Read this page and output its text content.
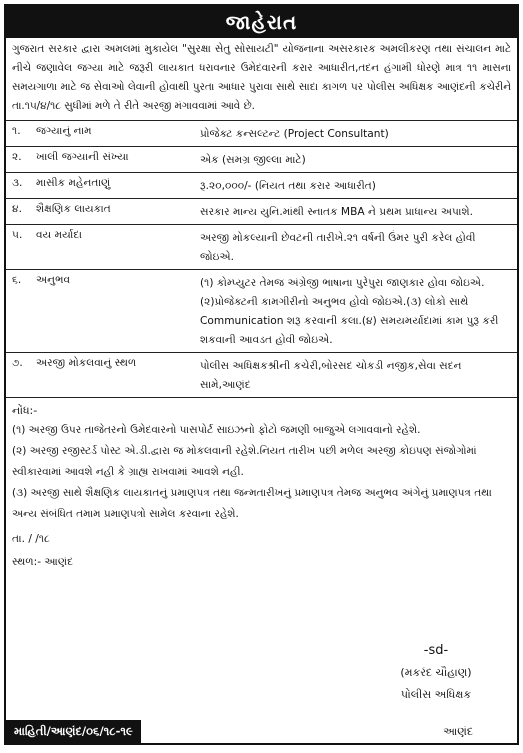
જાહેરાત
ગુજરાત સરકાર દ્વારા અમલમાં મુકાયેલ "સુરક્ષા સેતુ સોસાયટી" યોજનાના અસરકારક અમલીકરણ તથા સંચાલન માટે નીચે જણાવેલ જગ્યા માટે જરૂરી લાયકાત ધરાવનાર ઉમેદવારની કરાર આધારીત,તદન હંગામી ધોરણે માત્ર ૧૧ માસના સમયગાળા માટે જ સેવાઓ લેવાની હોવાથી પુરતા આધાર પુરાવા સાથે સાદા કાગળ પર પોલીસ અધિક્ષક આણંદની કચેરીને તા.૧૫/૪/૧૮ સુધીમાં મળે તે રીતે અરજી મંગાવવામાં આવે છે.
૧.	જગ્યાનું નામ	પ્રોજેક્ટ કન્સલ્ટન્ટ (Project Consultant)
૨.	ખાલી જગ્યાની સંખ્યા	એક (સમગ્ર જીલ્લા માટે)
૩.	માસીક મહેનતાણું	રૂ.૨૦,૦૦૦/- (નિયત તથા કરાર આધારીત)
૪.	શૈક્ષણિક લાયકાત	સરકાર માન્ય યુનિ.માંથી સ્નાતક MBA ને પ્રથમ પ્રાધાન્ય અપાશે.
૫.	વય મર્યાદા	અરજી મોકલ્યાની છેવટની તારીખે.૨૧ વર્ષની ઉંમર પુરી કરેલ હોવી જોઇએ.
૬.	અનુભવ	(૧) કોમ્પ્યુટર તેમજ અંગ્રેજી ભાષાના પુરેપુરા જાણકાર હોવા જોઇએ.(૨)પ્રોજેક્ટની કામગીરીનો અનુભવ હોવો જોઇએ.(૩) લોકો સાથે Communication શરૂ કરવાની કલા.(૪) સમયમર્યાદામાં કામ પુરૂ કરી શકવાની આવડત હોવી જોઇએ.
૭.	અરજી મોકલવાનું સ્થળ	પોલીસ અધિક્ષકશ્રીની કચેરી,બોરસદ ચોકડી નજીક,સેવા સદન સામે,આણંદ
નોંધ:-
(૧) અરજી ઉપર તાજેતરનો ઉમેદવારનો પાસપોર્ટ સાઇઝનો ફોટો જમણી બાજુએ લગાવવાનો રહેશે.
(૨) અરજી રજીસ્ટર્ડ પોસ્ટ એ.ડી.દ્વારા જ મોકલવાની રહેશે.નિયત તારીખ પછી મળેલ અરજી કોઇપણ સંજોગોમાં સ્વીકારવામાં આવશે નહી કે ગ્રાહ્ય રાખવામાં આવશે નહી.
(૩) અરજી સાથે શૈક્ષણિક લાયકાતનું પ્રમાણપત્ર તથા જન્મતારીખનું પ્રમાણપત્ર તેમજ અનુભવ અંગેનું પ્રમાણપત્ર તથા અન્ય સંબંધિત તમામ પ્રમાણપત્રો સામેલ કરવાના રહેશે.
તા. / /૧૮
સ્થળ:- આણંદ
-sd-
(મકરંદ ચૌહાણ)
પોલીસ અધિક્ષક
માહિતી/આણંદ/૦૬/૧૮-૧૯	આણંદ
